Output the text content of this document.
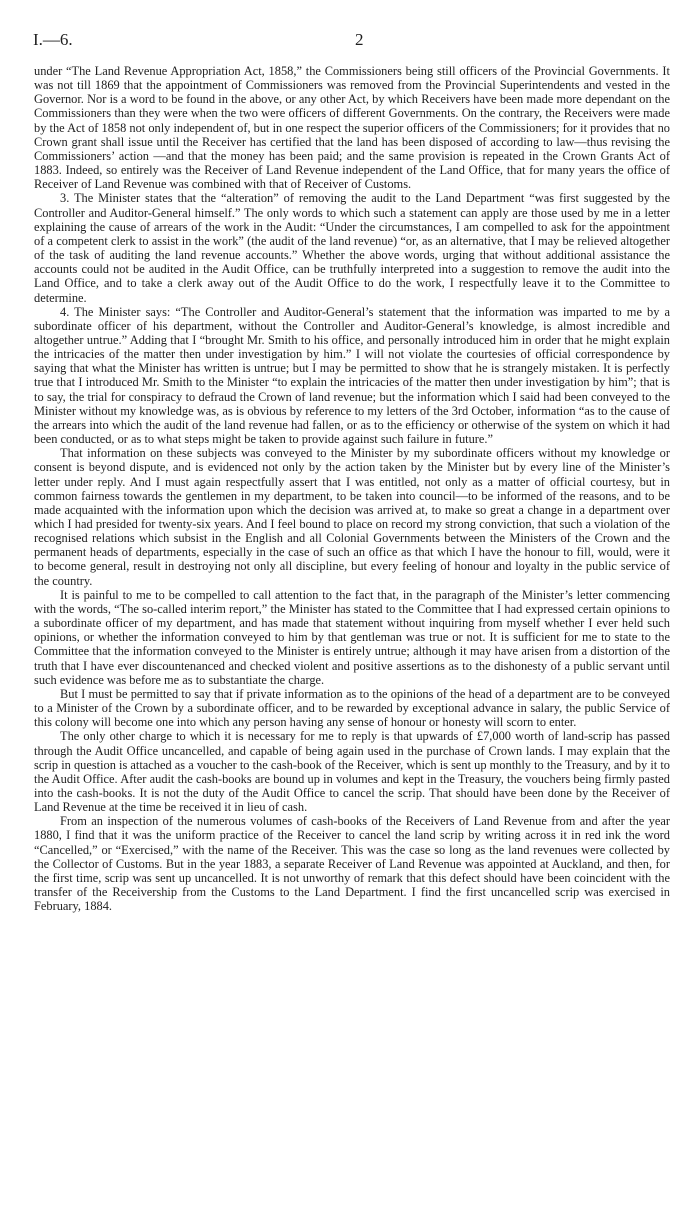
I.—6.	2

under “The Land Revenue Appropriation Act, 1858,” the Commissioners being still officers of the Provincial Governments. It was not till 1869 that the appointment of Commissioners was removed from the Provincial Superintendents and vested in the Governor. Nor is a word to be found in the above, or any other Act, by which Receivers have been made more dependant on the Commissioners than they were when the two were officers of different Governments. On the contrary, the Receivers were made by the Act of 1858 not only independent of, but in one respect the superior officers of the Commissioners; for it provides that no Crown grant shall issue until the Receiver has certified that the land has been disposed of according to law—thus revising the Commissioners’ action —and that the money has been paid; and the same provision is repeated in the Crown Grants Act of 1883. Indeed, so entirely was the Receiver of Land Revenue independent of the Land Office, that for many years the office of Receiver of Land Revenue was combined with that of Receiver of Customs.

3. The Minister states that the “alteration” of removing the audit to the Land Department “was first suggested by the Controller and Auditor-General himself.” The only words to which such a statement can apply are those used by me in a letter explaining the cause of arrears of the work in the Audit: “Under the circumstances, I am compelled to ask for the appointment of a competent clerk to assist in the work” (the audit of the land revenue) “or, as an alternative, that I may be relieved altogether of the task of auditing the land revenue accounts.” Whether the above words, urging that without additional assistance the accounts could not be audited in the Audit Office, can be truthfully interpreted into a suggestion to remove the audit into the Land Office, and to take a clerk away out of the Audit Office to do the work, I respectfully leave it to the Committee to determine.

4. The Minister says: “The Controller and Auditor-General’s statement that the information was imparted to me by a subordinate officer of his department, without the Controller and Auditor-General’s knowledge, is almost incredible and altogether untrue.” Adding that I “brought Mr. Smith to his office, and personally introduced him in order that he might explain the intricacies of the matter then under investigation by him.” I will not violate the courtesies of official correspondence by saying that what the Minister has written is untrue; but I may be permitted to show that he is strangely mistaken. It is perfectly true that I introduced Mr. Smith to the Minister “to explain the intricacies of the matter then under investigation by him”; that is to say, the trial for conspiracy to defraud the Crown of land revenue; but the information which I said had been conveyed to the Minister without my knowledge was, as is obvious by reference to my letters of the 3rd October, information “as to the cause of the arrears into which the audit of the land revenue had fallen, or as to the efficiency or otherwise of the system on which it had been conducted, or as to what steps might be taken to provide against such failure in future.”

That information on these subjects was conveyed to the Minister by my subordinate officers without my knowledge or consent is beyond dispute, and is evidenced not only by the action taken by the Minister but by every line of the Minister’s letter under reply. And I must again respectfully assert that I was entitled, not only as a matter of official courtesy, but in common fairness towards the gentlemen in my department, to be taken into council—to be informed of the reasons, and to be made acquainted with the information upon which the decision was arrived at, to make so great a change in a department over which I had presided for twenty-six years. And I feel bound to place on record my strong conviction, that such a violation of the recognised relations which subsist in the English and all Colonial Governments between the Ministers of the Crown and the permanent heads of departments, especially in the case of such an office as that which I have the honour to fill, would, were it to become general, result in destroying not only all discipline, but every feeling of honour and loyalty in the public service of the country.

It is painful to me to be compelled to call attention to the fact that, in the paragraph of the Minister’s letter commencing with the words, “The so-called interim report,” the Minister has stated to the Committee that I had expressed certain opinions to a subordinate officer of my department, and has made that statement without inquiring from myself whether I ever held such opinions, or whether the information conveyed to him by that gentleman was true or not. It is sufficient for me to state to the Committee that the information conveyed to the Minister is entirely untrue; although it may have arisen from a distortion of the truth that I have ever discountenanced and checked violent and positive assertions as to the dishonesty of a public servant until such evidence was before me as to substantiate the charge.

But I must be permitted to say that if private information as to the opinions of the head of a department are to be conveyed to a Minister of the Crown by a subordinate officer, and to be rewarded by exceptional advance in salary, the public Service of this colony will become one into which any person having any sense of honour or honesty will scorn to enter.

The only other charge to which it is necessary for me to reply is that upwards of £7,000 worth of land-scrip has passed through the Audit Office uncancelled, and capable of being again used in the purchase of Crown lands. I may explain that the scrip in question is attached as a voucher to the cash-book of the Receiver, which is sent up monthly to the Treasury, and by it to the Audit Office. After audit the cash-books are bound up in volumes and kept in the Treasury, the vouchers being firmly pasted into the cash-books. It is not the duty of the Audit Office to cancel the scrip. That should have been done by the Receiver of Land Revenue at the time be received it in lieu of cash.

From an inspection of the numerous volumes of cash-books of the Receivers of Land Revenue from and after the year 1880, I find that it was the uniform practice of the Receiver to cancel the land scrip by writing across it in red ink the word “Cancelled,” or “Exercised,” with the name of the Receiver. This was the case so long as the land revenues were collected by the Collector of Customs. But in the year 1883, a separate Receiver of Land Revenue was appointed at Auckland, and then, for the first time, scrip was sent up uncancelled. It is not unworthy of remark that this defect should have been coincident with the transfer of the Receivership from the Customs to the Land Department. I find the first uncancelled scrip was exercised in February, 1884.
